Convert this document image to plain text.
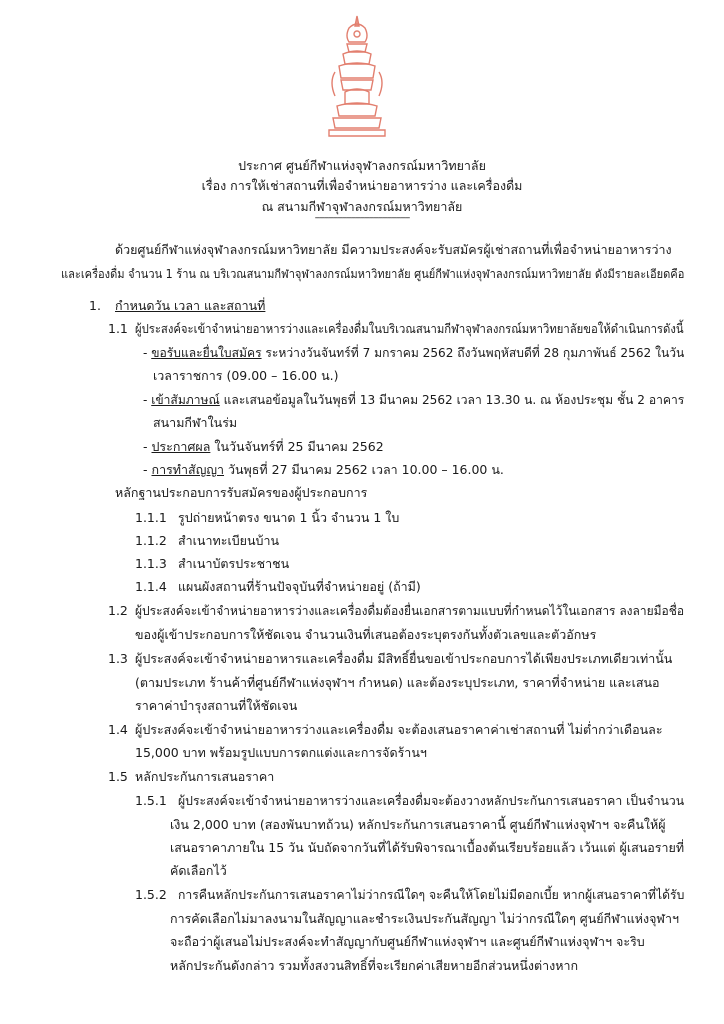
ประกาศ ศูนย์กีฬาแห่งจุฬาลงกรณ์มหาวิทยาลัย
เรื่อง การให้เช่าสถานที่เพื่อจำหน่ายอาหารว่าง และเครื่องดื่ม
ณ สนามกีฬาจุฬาลงกรณ์มหาวิทยาลัย
------------------------------------------
ด้วยศูนย์กีฬาแห่งจุฬาลงกรณ์มหาวิทยาลัย มีความประสงค์จะรับสมัครผู้เช่าสถานที่เพื่อจำหน่ายอาหารว่าง
และเครื่องดื่ม จำนวน 1 ร้าน ณ บริเวณสนามกีฬาจุฬาลงกรณ์มหาวิทยาลัย ศูนย์กีฬาแห่งจุฬาลงกรณ์มหาวิทยาลัย ดังมีรายละเอียดคือ
1. กำหนดวัน เวลา และสถานที่
1.1 ผู้ประสงค์จะเข้าจำหน่ายอาหารว่างและเครื่องดื่มในบริเวณสนามกีฬาจุฬาลงกรณ์มหาวิทยาลัยขอให้ดำเนินการดังนี้
- ขอรับและยื่นใบสมัคร ระหว่างวันจันทร์ที่ 7 มกราคม 2562 ถึงวันพฤหัสบดีที่ 28 กุมภาพันธ์ 2562 ในวัน
เวลาราชการ (09.00 – 16.00 น.)
- เข้าสัมภาษณ์ และเสนอข้อมูลในวันพุธที่ 13 มีนาคม 2562 เวลา 13.30 น. ณ ห้องประชุม ชั้น 2 อาคาร
สนามกีฬาในร่ม
- ประกาศผล ในวันจันทร์ที่ 25 มีนาคม 2562
- การทำสัญญา วันพุธที่ 27 มีนาคม 2562 เวลา 10.00 – 16.00 น.
หลักฐานประกอบการรับสมัครของผู้ประกอบการ
1.1.1 รูปถ่ายหน้าตรง ขนาด 1 นิ้ว จำนวน 1 ใบ
1.1.2 สำเนาทะเบียนบ้าน
1.1.3 สำเนาบัตรประชาชน
1.1.4 แผนผังสถานที่ร้านปัจจุบันที่จำหน่ายอยู่ (ถ้ามี)
1.2 ผู้ประสงค์จะเข้าจำหน่ายอาหารว่างและเครื่องดื่มต้องยื่นเอกสารตามแบบที่กำหนดไว้ในเอกสาร ลงลายมือชื่อ
ของผู้เข้าประกอบการให้ชัดเจน จำนวนเงินที่เสนอต้องระบุตรงกันทั้งตัวเลขและตัวอักษร
1.3 ผู้ประสงค์จะเข้าจำหน่ายอาหารและเครื่องดื่ม มีสิทธิ์ยื่นขอเข้าประกอบการได้เพียงประเภทเดียวเท่านั้น
(ตามประเภท ร้านค้าที่ศูนย์กีฬาแห่งจุฬาฯ กำหนด) และต้องระบุประเภท, ราคาที่จำหน่าย และเสนอ
ราคาค่าบำรุงสถานที่ให้ชัดเจน
1.4 ผู้ประสงค์จะเข้าจำหน่ายอาหารว่างและเครื่องดื่ม จะต้องเสนอราคาค่าเช่าสถานที่ ไม่ต่ำกว่าเดือนละ
15,000 บาท พร้อมรูปแบบการตกแต่งและการจัดร้านฯ
1.5 หลักประกันการเสนอราคา
1.5.1 ผู้ประสงค์จะเข้าจำหน่ายอาหารว่างและเครื่องดื่มจะต้องวางหลักประกันการเสนอราคา เป็นจำนวน
เงิน 2,000 บาท (สองพันบาทถ้วน) หลักประกันการเสนอราคานี้ ศูนย์กีฬาแห่งจุฬาฯ จะคืนให้ผู้
เสนอราคาภายใน 15 วัน นับถัดจากวันที่ได้รับพิจารณาเบื้องต้นเรียบร้อยแล้ว เว้นแต่ ผู้เสนอรายที่
คัดเลือกไว้
1.5.2 การคืนหลักประกันการเสนอราคาไม่ว่ากรณีใดๆ จะคืนให้โดยไม่มีดอกเบี้ย หากผู้เสนอราคาที่ได้รับ
การคัดเลือกไม่มาลงนามในสัญญาและชำระเงินประกันสัญญา ไม่ว่ากรณีใดๆ ศูนย์กีฬาแห่งจุฬาฯ
จะถือว่าผู้เสนอไม่ประสงค์จะทำสัญญากับศูนย์กีฬาแห่งจุฬาฯ และศูนย์กีฬาแห่งจุฬาฯ จะริบ
หลักประกันดังกล่าว รวมทั้งสงวนสิทธิ์ที่จะเรียกค่าเสียหายอีกส่วนหนึ่งต่างหาก
